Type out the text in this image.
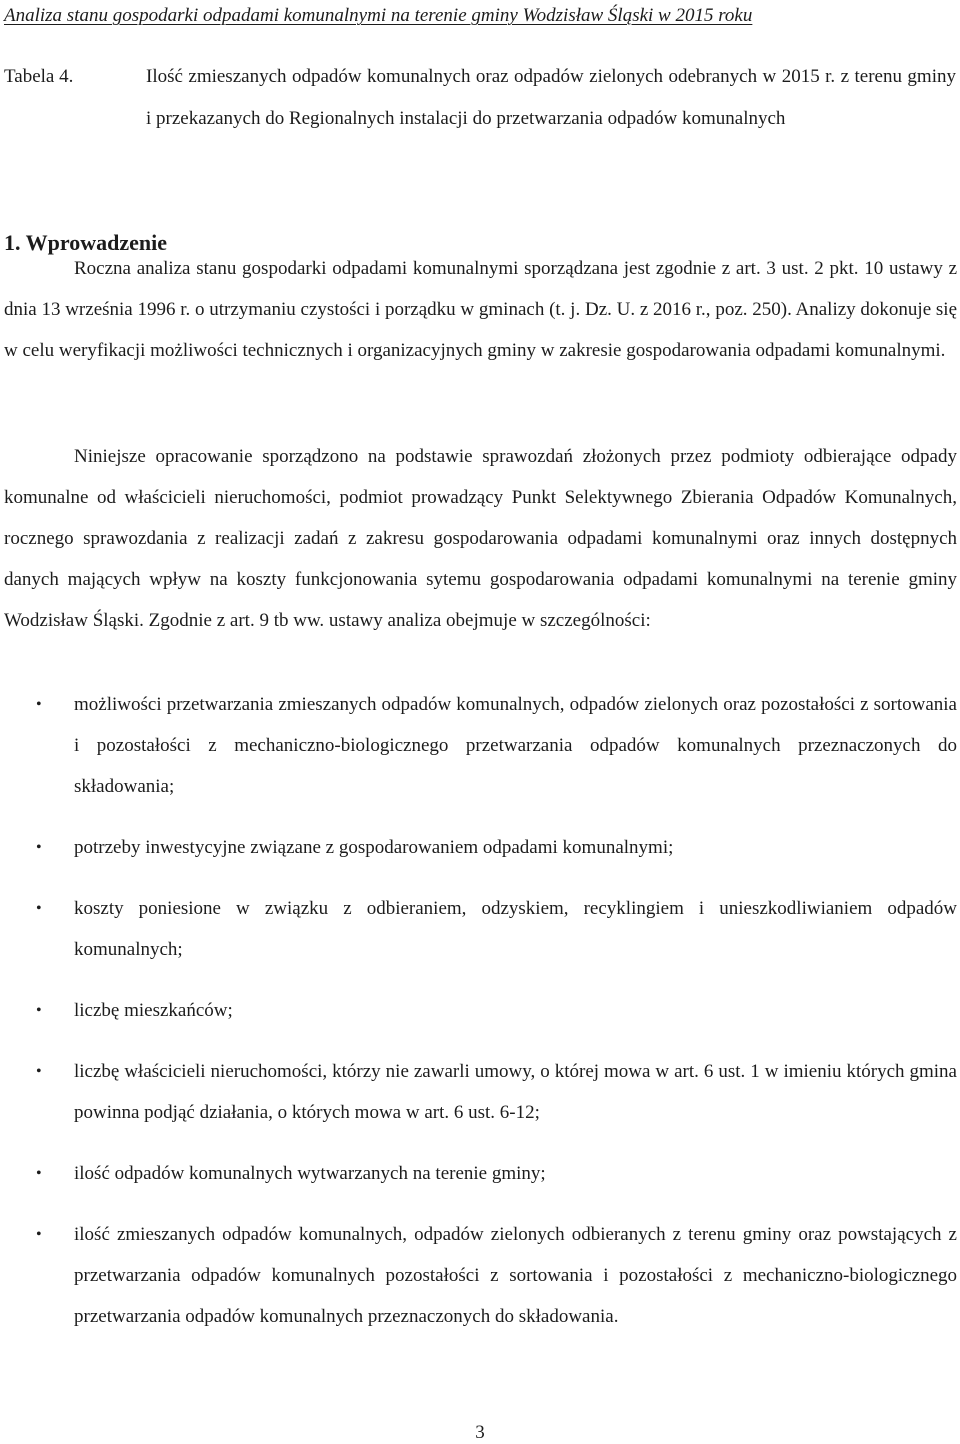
Analiza stanu gospodarki odpadami komunalnymi na terenie gminy Wodzisław Śląski w 2015 roku
Tabela 4.	Ilość zmieszanych odpadów komunalnych oraz odpadów zielonych odebranych w 2015 r. z terenu gminy i przekazanych do Regionalnych instalacji do przetwarzania odpadów komunalnych
1. Wprowadzenie

Roczna analiza stanu gospodarki odpadami komunalnymi sporządzana jest zgodnie z art. 3 ust. 2 pkt. 10 ustawy z dnia 13 września 1996 r. o utrzymaniu czystości i porządku w gminach (t. j. Dz. U. z 2016 r., poz. 250). Analizy dokonuje się w celu weryfikacji możliwości technicznych i organizacyjnych gminy w zakresie gospodarowania odpadami komunalnymi.

Niniejsze opracowanie sporządzono na podstawie sprawozdań złożonych przez podmioty odbierające odpady komunalne od właścicieli nieruchomości, podmiot prowadzący Punkt Selektywnego Zbierania Odpadów Komunalnych, rocznego sprawozdania z realizacji zadań z zakresu gospodarowania odpadami komunalnymi oraz innych dostępnych danych mających wpływ na koszty funkcjonowania sytemu gospodarowania odpadami komunalnymi na terenie gminy Wodzisław Śląski. Zgodnie z art. 9 tb ww. ustawy analiza obejmuje w szczególności:

• możliwości przetwarzania zmieszanych odpadów komunalnych, odpadów zielonych oraz pozostałości z sortowania i pozostałości z mechaniczno-biologicznego przetwarzania odpadów komunalnych przeznaczonych do składowania;
• potrzeby inwestycyjne związane z gospodarowaniem odpadami komunalnymi;
• koszty poniesione w związku z odbieraniem, odzyskiem, recyklingiem i unieszkodliwianiem odpadów komunalnych;
• liczbę mieszkańców;
• liczbę właścicieli nieruchomości, którzy nie zawarli umowy, o której mowa w art. 6 ust. 1 w imieniu których gmina powinna podjąć działania, o których mowa w art. 6 ust. 6-12;
• ilość odpadów komunalnych wytwarzanych na terenie gminy;
• ilość zmieszanych odpadów komunalnych, odpadów zielonych odbieranych z terenu gminy oraz powstających z przetwarzania odpadów komunalnych pozostałości z sortowania i pozostałości z mechaniczno-biologicznego przetwarzania odpadów komunalnych przeznaczonych do składowania.
3
